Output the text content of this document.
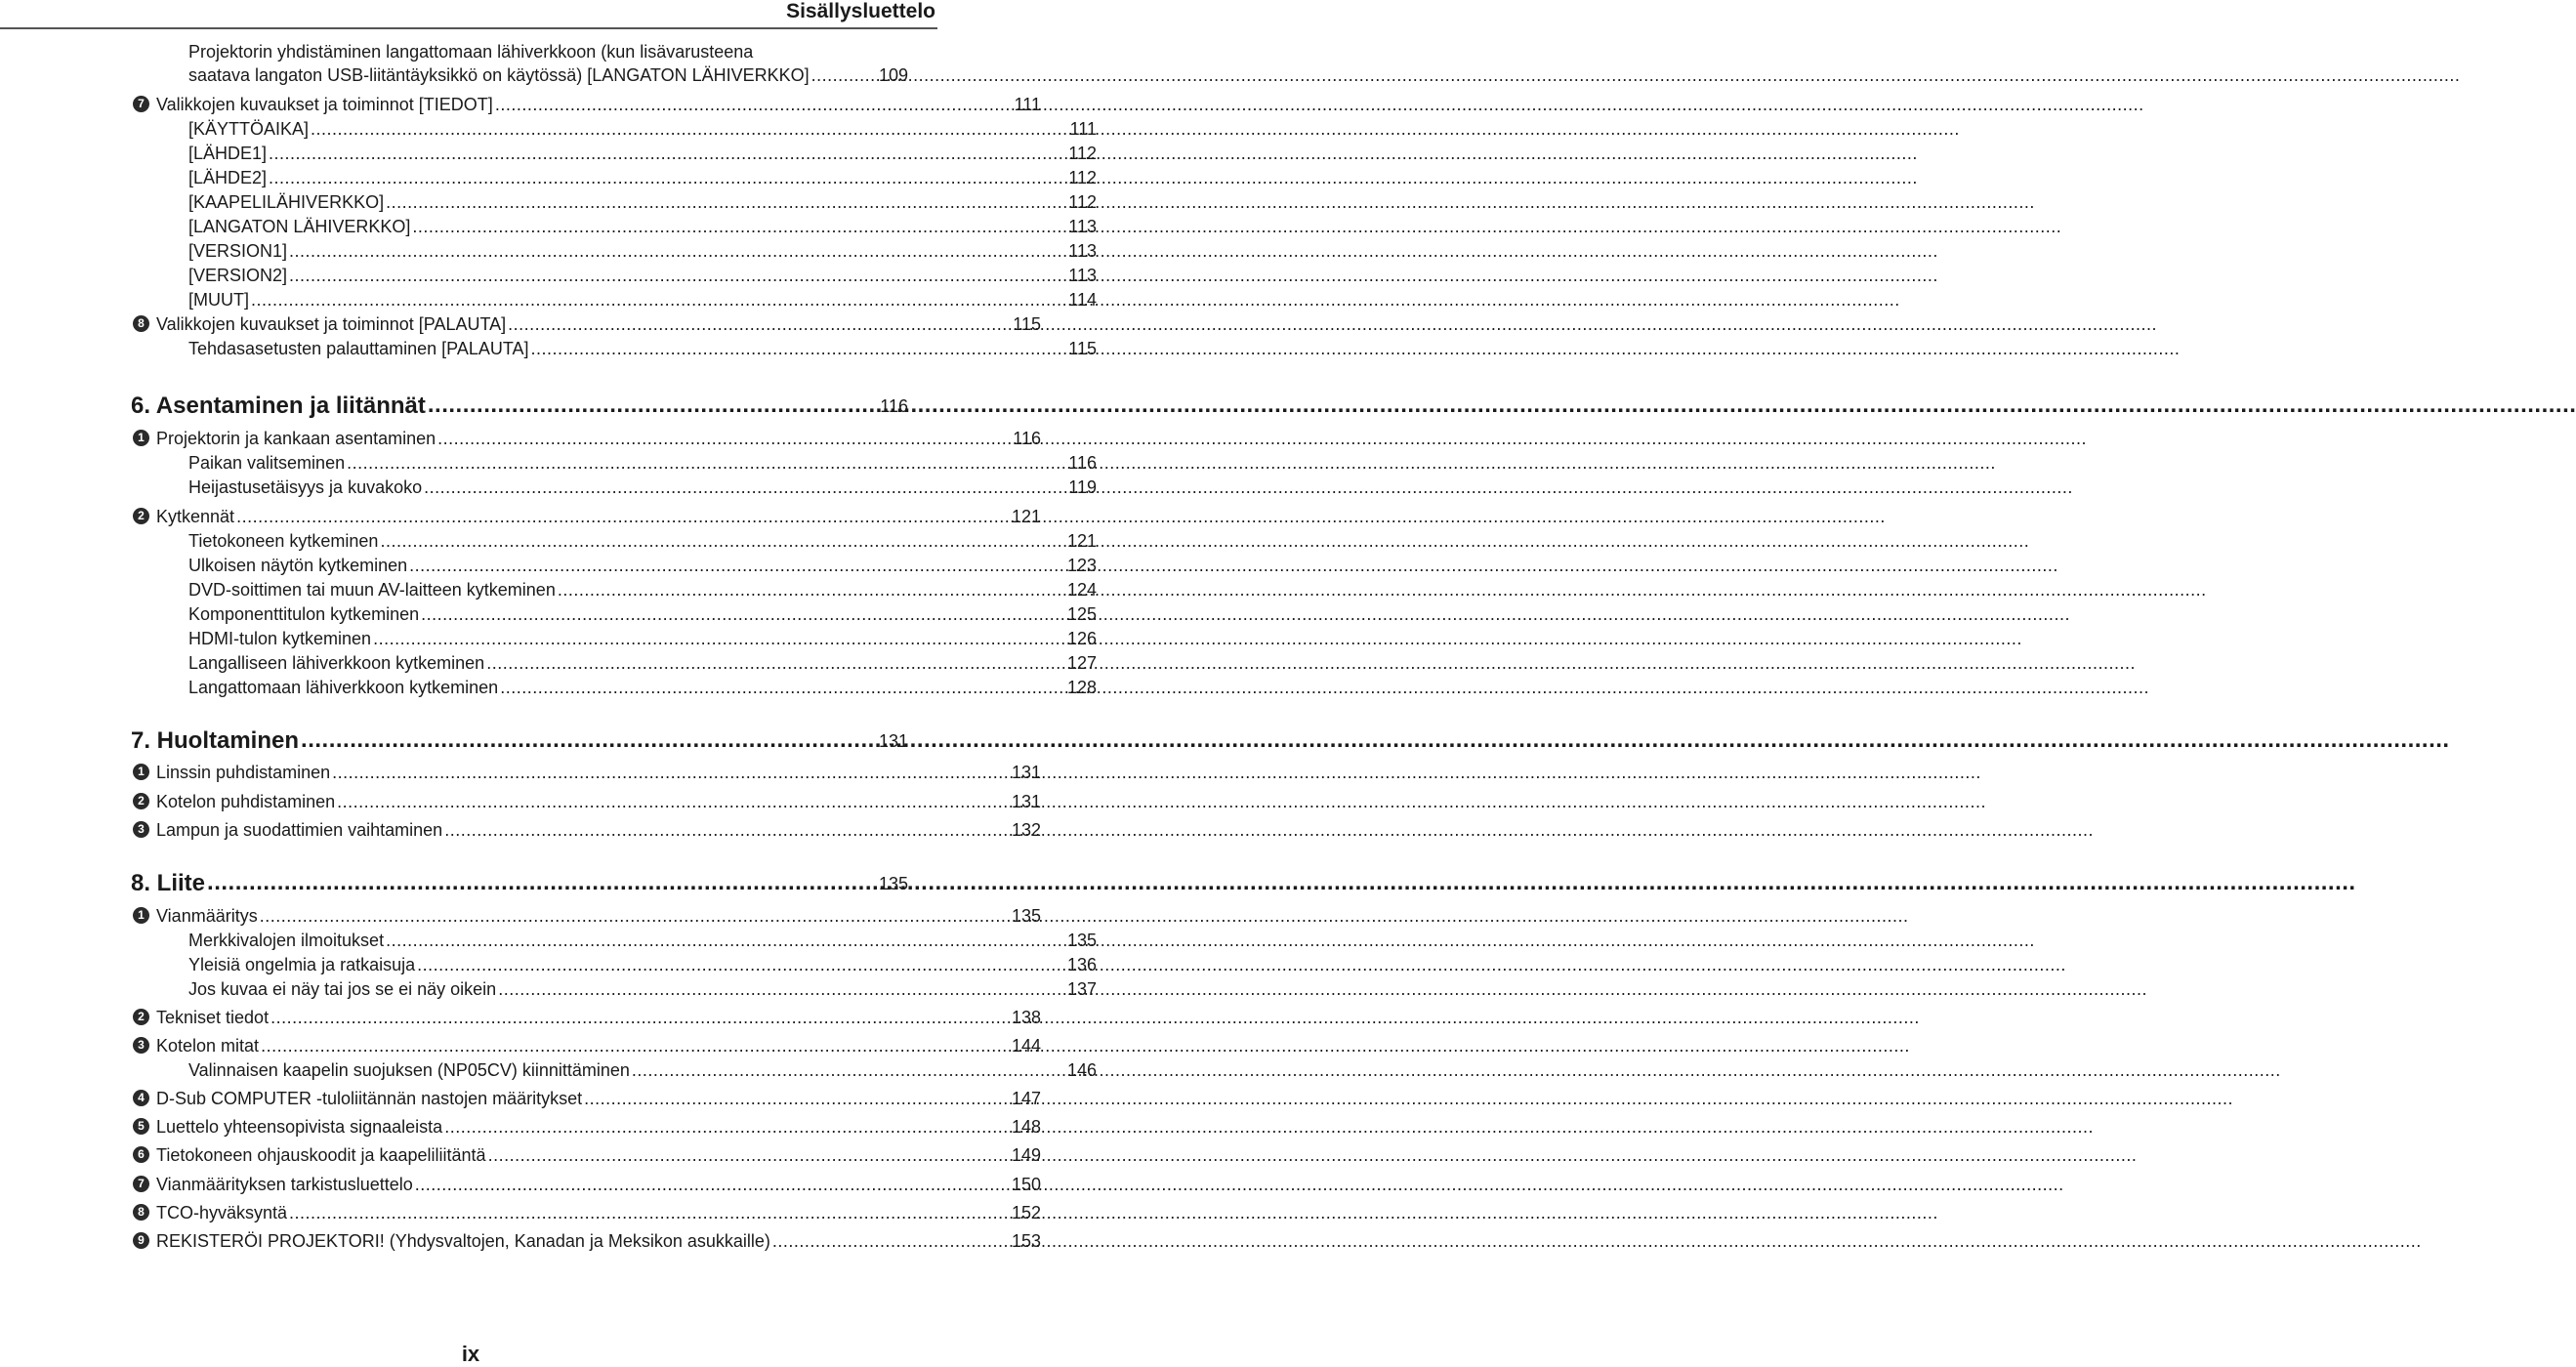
Sisällysluettelo
Projektorin yhdistäminen langattomaan lähiverkkoon (kun lisävarusteena
saatava langaton USB-liitäntäyksikkö on käytössä) [LANGATON LÄHIVERKKO] .....	109
7 Valikkojen kuvaukset ja toiminnot [TIEDOT] .....	111
[KÄYTTÖAIKA] .....	111
[LÄHDE1] .....	112
[LÄHDE2] .....	112
[KAAPELILÄHIVERKKO] .....	112
[LANGATON LÄHIVERKKO] .....	113
[VERSION1] .....	113
[VERSION2] .....	113
[MUUT] .....	114
8 Valikkojen kuvaukset ja toiminnot [PALAUTA] .....	115
Tehdasasetusten palauttaminen [PALAUTA] .....	115
6. Asentaminen ja liitännät .....	116
1 Projektorin ja kankaan asentaminen .....	116
Paikan valitseminen .....	116
Heijastusetäisyys ja kuvakoko .....	119
2 Kytkennät .....	121
Tietokoneen kytkeminen .....	121
Ulkoisen näytön kytkeminen .....	123
DVD-soittimen tai muun AV-laitteen kytkeminen .....	124
Komponenttitulon kytkeminen .....	125
HDMI-tulon kytkeminen .....	126
Langalliseen lähiverkkoon kytkeminen .....	127
Langattomaan lähiverkkoon kytkeminen .....	128
7. Huoltaminen .....	131
1 Linssin puhdistaminen .....	131
2 Kotelon puhdistaminen .....	131
3 Lampun ja suodattimien vaihtaminen .....	132
8. Liite .....	135
1 Vianmääritys .....	135
Merkkivalojen ilmoitukset .....	135
Yleisiä ongelmia ja ratkaisuja .....	136
Jos kuvaa ei näy tai jos se ei näy oikein .....	137
2 Tekniset tiedot .....	138
3 Kotelon mitat .....	144
Valinnaisen kaapelin suojuksen (NP05CV) kiinnittäminen .....	146
4 D-Sub COMPUTER -tuloliitännän nastojen määritykset .....	147
5 Luettelo yhteensopivista signaaleista .....	148
6 Tietokoneen ohjauskoodit ja kaapeliliitäntä .....	149
7 Vianmäärityksen tarkistusluettelo .....	150
8 TCO-hyväksyntä .....	152
9 REKISTERÖI PROJEKTORI! (Yhdysvaltojen, Kanadan ja Meksikon asukkaille) .....	153
ix
